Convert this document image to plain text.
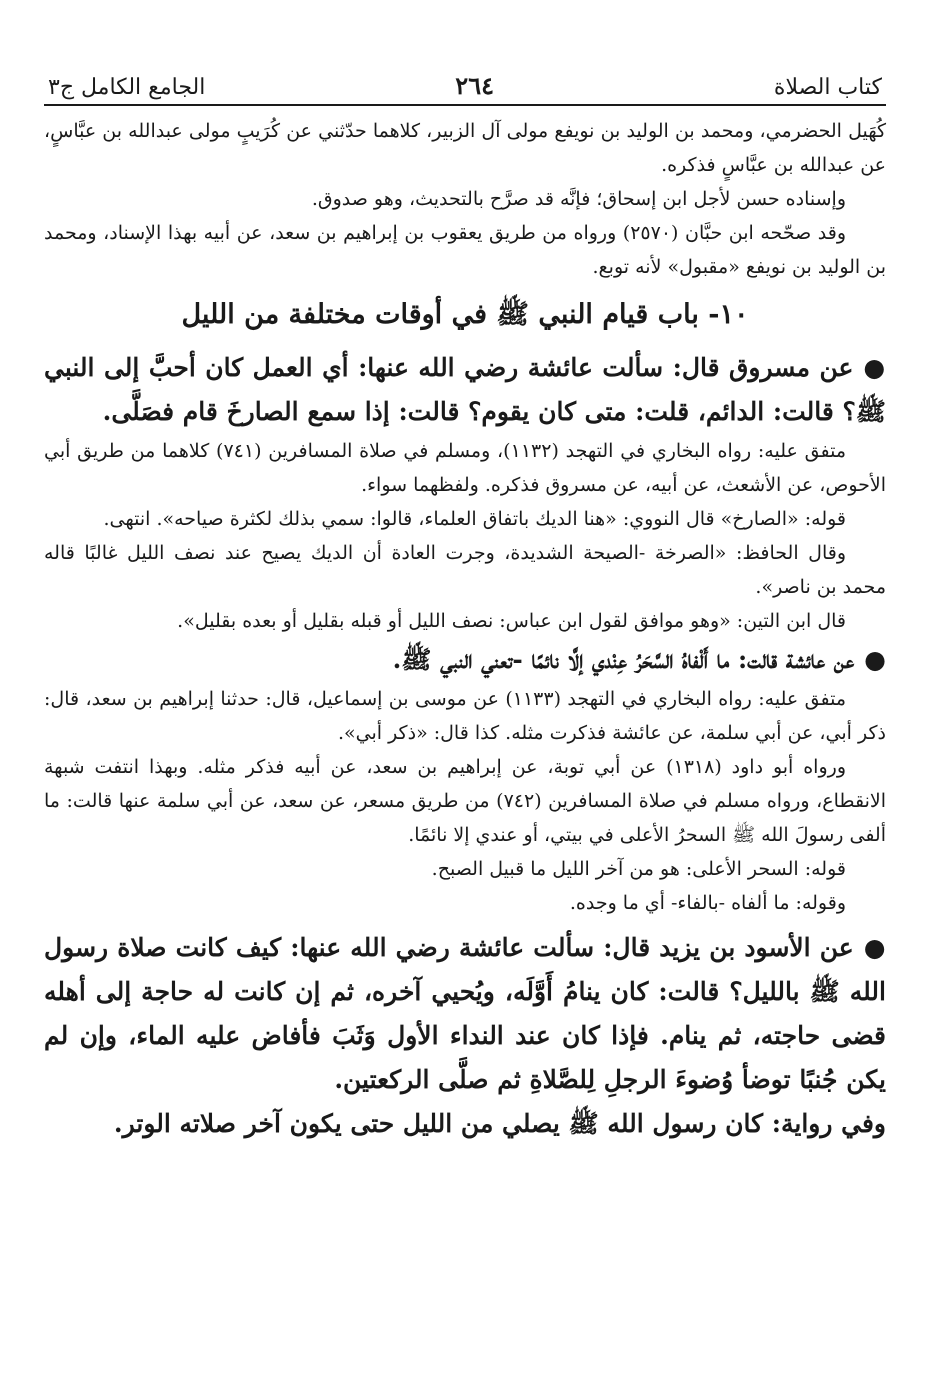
كتاب الصلاة
٢٦٤
الجامع الكامل ج٣

كُهَيل الحضرمي، ومحمد بن الوليد بن نويفع مولى آل الزبير، كلاهما حدّثني عن كُرَيبٍ مولى عبدالله بن عبَّاسٍ، عن عبدالله بن عبَّاسٍ فذكره.

وإسناده حسن لأجل ابن إسحاق؛ فإنَّه قد صرَّح بالتحديث، وهو صدوق.

وقد صحّحه ابن حبَّان (٢٥٧٠) ورواه من طريق يعقوب بن إبراهيم بن سعد، عن أبيه بهذا الإسناد، ومحمد بن الوليد بن نويفع «مقبول» لأنه توبع.

١٠- باب قيام النبي ﷺ في أوقات مختلفة من الليل

●عن مسروق قال: سألت عائشة رضي الله عنها: أي العمل كان أحبَّ إلى النبي ﷺ؟ قالت: الدائم، قلت: متى كان يقوم؟ قالت: إذا سمع الصارخَ قام فصَلَّى.

متفق عليه: رواه البخاري في التهجد (١١٣٢)، ومسلم في صلاة المسافرين (٧٤١) كلاهما من طريق أبي الأحوص، عن الأشعث، عن أبيه، عن مسروق فذكره. ولفظهما سواء.

قوله: «الصارخ» قال النووي: «هنا الديك باتفاق العلماء، قالوا: سمي بذلك لكثرة صياحه». انتهى.

وقال الحافظ: «الصرخة -الصيحة الشديدة، وجرت العادة أن الديك يصيح عند نصف الليل غالبًا قاله محمد بن ناصر».

قال ابن التين: «وهو موافق لقول ابن عباس: نصف الليل أو قبله بقليل أو بعده بقليل».

●عن عائشة قالت: ما أَلْفاهُ السَّحَرُ عِنْدي إلَّا نائمًا -تعني النبي ﷺ.

متفق عليه: رواه البخاري في التهجد (١١٣٣) عن موسى بن إسماعيل، قال: حدثنا إبراهيم بن سعد، قال: ذكر أبي، عن أبي سلمة، عن عائشة فذكرت مثله. كذا قال: «ذكر أبي».

ورواه أبو داود (١٣١٨) عن أبي توبة، عن إبراهيم بن سعد، عن أبيه فذكر مثله. وبهذا انتفت شبهة الانقطاع، ورواه مسلم في صلاة المسافرين (٧٤٢) من طريق مسعر، عن سعد، عن أبي سلمة عنها قالت: ما ألفى رسولَ الله ﷺ السحرُ الأعلى في بيتي، أو عندي إلا نائمًا.

قوله: السحر الأعلى: هو من آخر الليل ما قبيل الصبح.

وقوله: ما ألفاه -بالفاء- أي ما وجده.

●عن الأسود بن يزيد قال: سألت عائشة رضي الله عنها: كيف كانت صلاة رسول الله ﷺ بالليل؟ قالت: كان ينامُ أَوَّلَه، ويُحيي آخره، ثم إن كانت له حاجة إلى أهله قضى حاجته، ثم ينام. فإذا كان عند النداء الأول وَثَبَ فأفاض عليه الماء، وإن لم يكن جُنبًا توضأ وُضوءَ الرجلِ لِلصَّلاةِ ثم صلَّى الركعتين.

وفي رواية: كان رسول الله ﷺ يصلي من الليل حتى يكون آخر صلاته الوتر.
